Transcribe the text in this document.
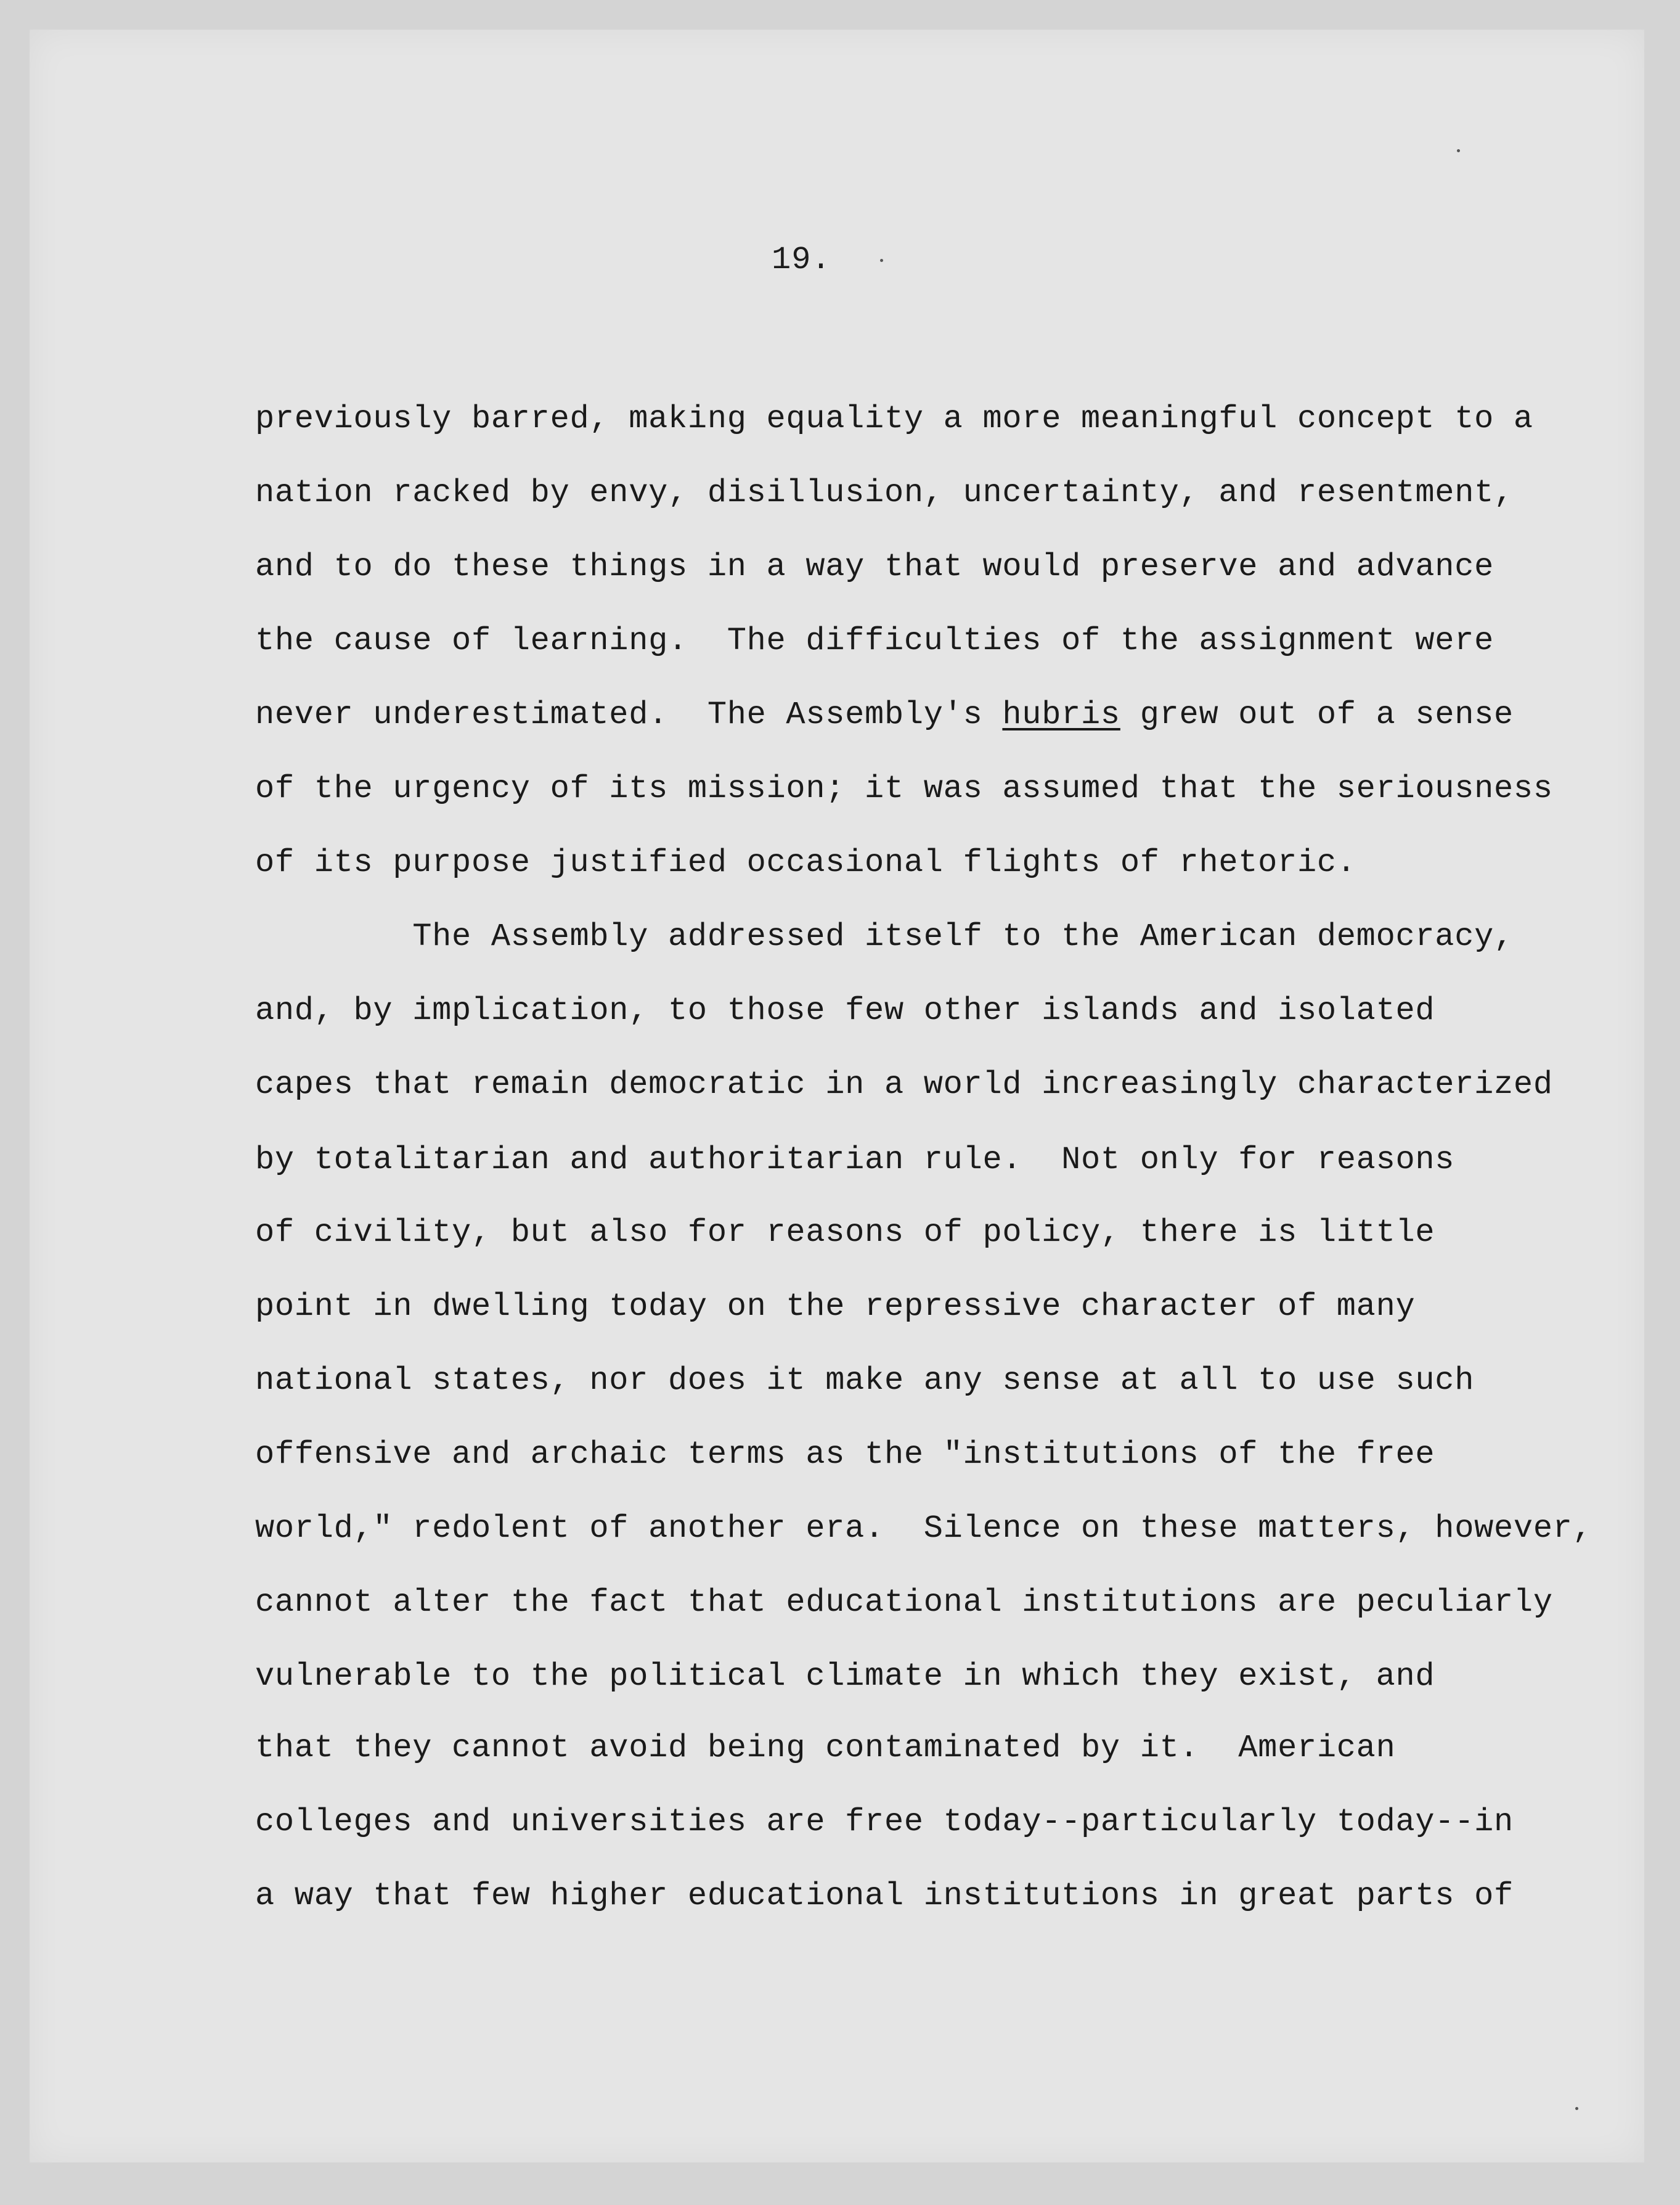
19.
previously barred, making equality a more meaningful concept to a
nation racked by envy, disillusion, uncertainty, and resentment,
and to do these things in a way that would preserve and advance
the cause of learning.  The difficulties of the assignment were
never underestimated.  The Assembly's hubris grew out of a sense
of the urgency of its mission; it was assumed that the seriousness
of its purpose justified occasional flights of rhetoric.
The Assembly addressed itself to the American democracy,
and, by implication, to those few other islands and isolated
capes that remain democratic in a world increasingly characterized
by totalitarian and authoritarian rule.  Not only for reasons
of civility, but also for reasons of policy, there is little
point in dwelling today on the repressive character of many
national states, nor does it make any sense at all to use such
offensive and archaic terms as the "institutions of the free
world," redolent of another era.  Silence on these matters, however,
cannot alter the fact that educational institutions are peculiarly
vulnerable to the political climate in which they exist, and
that they cannot avoid being contaminated by it.  American
colleges and universities are free today--particularly today--in
a way that few higher educational institutions in great parts of
